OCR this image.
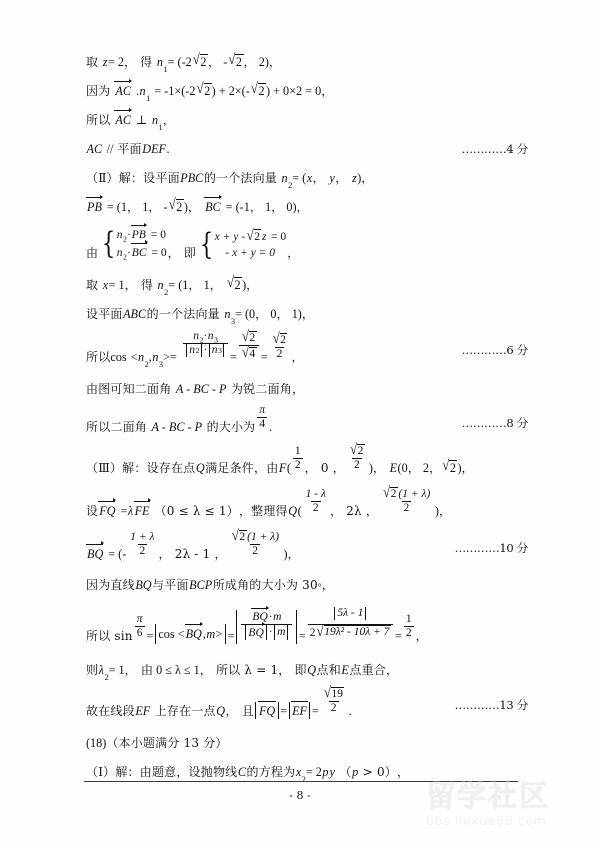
取 z = 2 ， 得 n
1
= (-2 √ 2 ， - √ 2 ， 2) ，
因为 AC . n
1
= -1×(-2 √ 2 ) + 2×(- √ 2 ) + 0×2 = 0 ，
所以 AC ⊥ n
1
，
AC // 平面 DEF .	…………4 分
（Ⅱ）解： 设平面 PBC 的一个法向量 n
2
= ( x ， y ， z ) ，
PB = (1， 1， - √ 2 ) ， BC = (-1， 1， 0) ，
由 { $n_2\cdot PB = 0$
$n_2\cdot BC = 0$ ， 即 { x + y - √ 2 z = 0
- x + y = 0	，
取 x = 1 ， 得 n
2
= (1， 1， √ 2 ) ，
设平面 ABC 的一个法向量 n
3
= (0， 0， 1) ，
所以 cos < n
2
, n
3
>= $\frac{n_2\cdot n_3}{n 2 \cdot n 3} = \frac{√ 2}{√ 4} = \frac{√ 2}{2}$ ，
…………6 分
由图可知二面角 A - BC - P 为锐二面角 ，
所以二面角 A - BC - P 的大小为 $\frac{\pi}{4}$ .	…………8 分
（Ⅲ）解： 设存在点 Q 满足条件，由 F ( $\frac{1}{2}$ ， 0 ， $\frac{√ 2}{2}$ ) ， E (0， 2， √ 2 ) ，
设 FQ = λ FE （0 ≤ λ ≤ 1） ，整理得 Q ( $\frac{1 - \lambda}{2}$ ， 2λ ， $\frac{√ 2 (1 + \lambda)}{2}$ ) ，
BQ = (- $\frac{1 + \lambda}{2}$ ， 2λ - 1 ， $\frac{√ 2 (1 + \lambda)}{2}$ ) ，	…………10 分
因为直线 BQ 与平面 BCP 所成角的大小为 30 ° ，
所以 $\sin \frac{\pi}{6} = \cos <BQ,m> = \frac{BQ\cdot m}{BQ \cdot m} = \frac{5\lambda - 1}{\text{2 √ 19λ² - 10λ + 7}} = \frac{1}{2}$ ，
则 λ
2
= 1 ， 由 0 ≤ λ ≤ 1 ， 所以 λ = 1 ， 即 Q 点和 E 点重合 ，
故在线段 EF 上存在一点 Q ， 且 FQ = EF = $\frac{√ 19}{2}$ .	…………13 分
(18) （本小题满分 13 分）
（Ⅰ）解： 由题意，设抛物线 C 的方程为 x
2
= 2 p y （ p > 0） ，
- 8 -	留学社区
bbs.liuxue86.com
